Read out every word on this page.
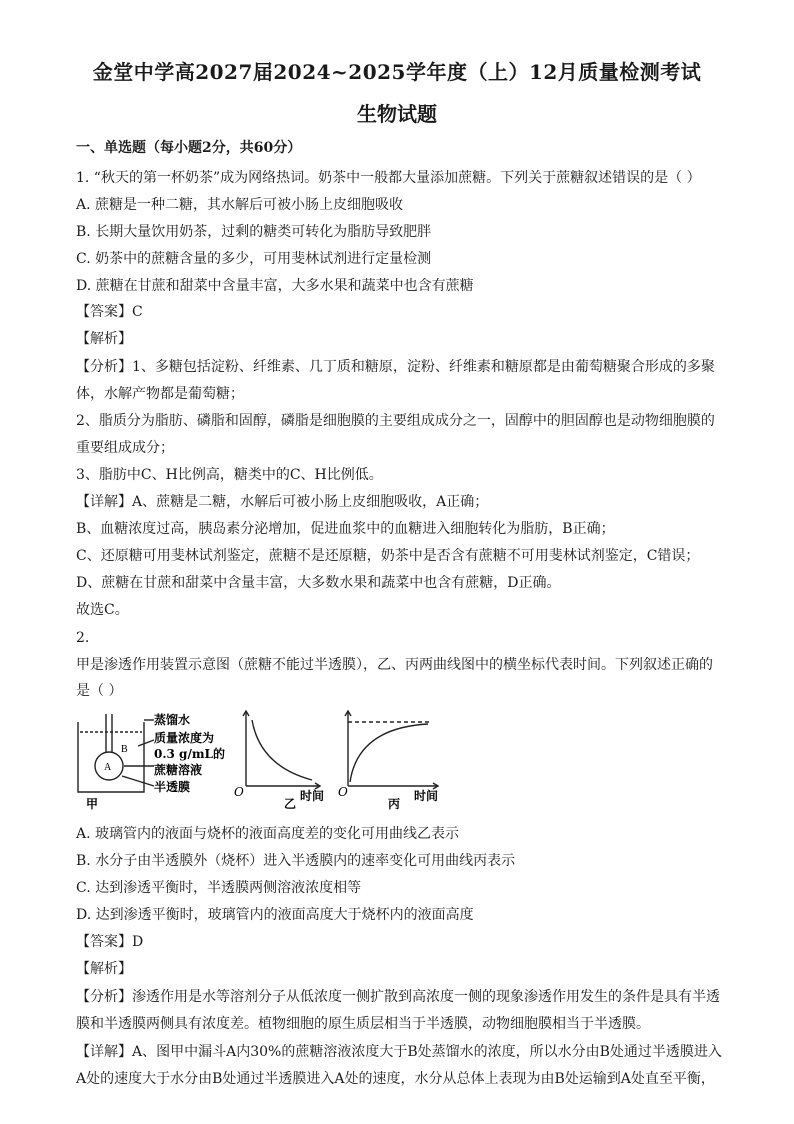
金堂中学高2027届2024~2025学年度（上）12月质量检测考试
生物试题
一、单选题（每小题2分，共60分）
1. “秋天的第一杯奶茶”成为网络热词。奶茶中一般都大量添加蔗糖。下列关于蔗糖叙述错误的是（ ）
A. 蔗糖是一种二糖，其水解后可被小肠上皮细胞吸收
B. 长期大量饮用奶茶，过剩的糖类可转化为脂肪导致肥胖
C. 奶茶中的蔗糖含量的多少，可用斐林试剂进行定量检测
D. 蔗糖在甘蔗和甜菜中含量丰富，大多水果和蔬菜中也含有蔗糖
【答案】C
【解析】
【分析】1、多糖包括淀粉、纤维素、几丁质和糖原，淀粉、纤维素和糖原都是由葡萄糖聚合形成的多聚
体，水解产物都是葡萄糖；
2、脂质分为脂肪、磷脂和固醇，磷脂是细胞膜的主要组成成分之一，固醇中的胆固醇也是动物细胞膜的
重要组成成分；
3、脂肪中C、H比例高，糖类中的C、H比例低。
【详解】A、蔗糖是二糖，水解后可被小肠上皮细胞吸收，A正确；
B、血糖浓度过高，胰岛素分泌增加，促进血浆中的血糖进入细胞转化为脂肪，B正确；
C、还原糖可用斐林试剂鉴定，蔗糖不是还原糖，奶茶中是否含有蔗糖不可用斐林试剂鉴定，C错误；
D、蔗糖在甘蔗和甜菜中含量丰富，大多数水果和蔬菜中也含有蔗糖，D正确。
故选C。
2.
甲是渗透作用装置示意图（蔗糖不能过半透膜），乙、丙两曲线图中的横坐标代表时间。下列叙述正确的
是（ ）
A
B
蒸馏水
质量浓度为
0.3 g/mL的
蔗糖溶液
半透膜
甲
O	时间
乙
O	时间
丙
A. 玻璃管内的液面与烧杯的液面高度差的变化可用曲线乙表示
B. 水分子由半透膜外（烧杯）进入半透膜内的速率变化可用曲线丙表示
C. 达到渗透平衡时，半透膜两侧溶液浓度相等
D. 达到渗透平衡时，玻璃管内的液面高度大于烧杯内的液面高度
【答案】D
【解析】
【分析】渗透作用是水等溶剂分子从低浓度一侧扩散到高浓度一侧的现象渗透作用发生的条件是具有半透
膜和半透膜两侧具有浓度差。植物细胞的原生质层相当于半透膜，动物细胞膜相当于半透膜。
【详解】A、图甲中漏斗A内30%的蔗糖溶液浓度大于B处蒸馏水的浓度，所以水分由B处通过半透膜进入
A处的速度大于水分由B处通过半透膜进入A处的速度，水分从总体上表现为由B处运输到A处直至平衡，
